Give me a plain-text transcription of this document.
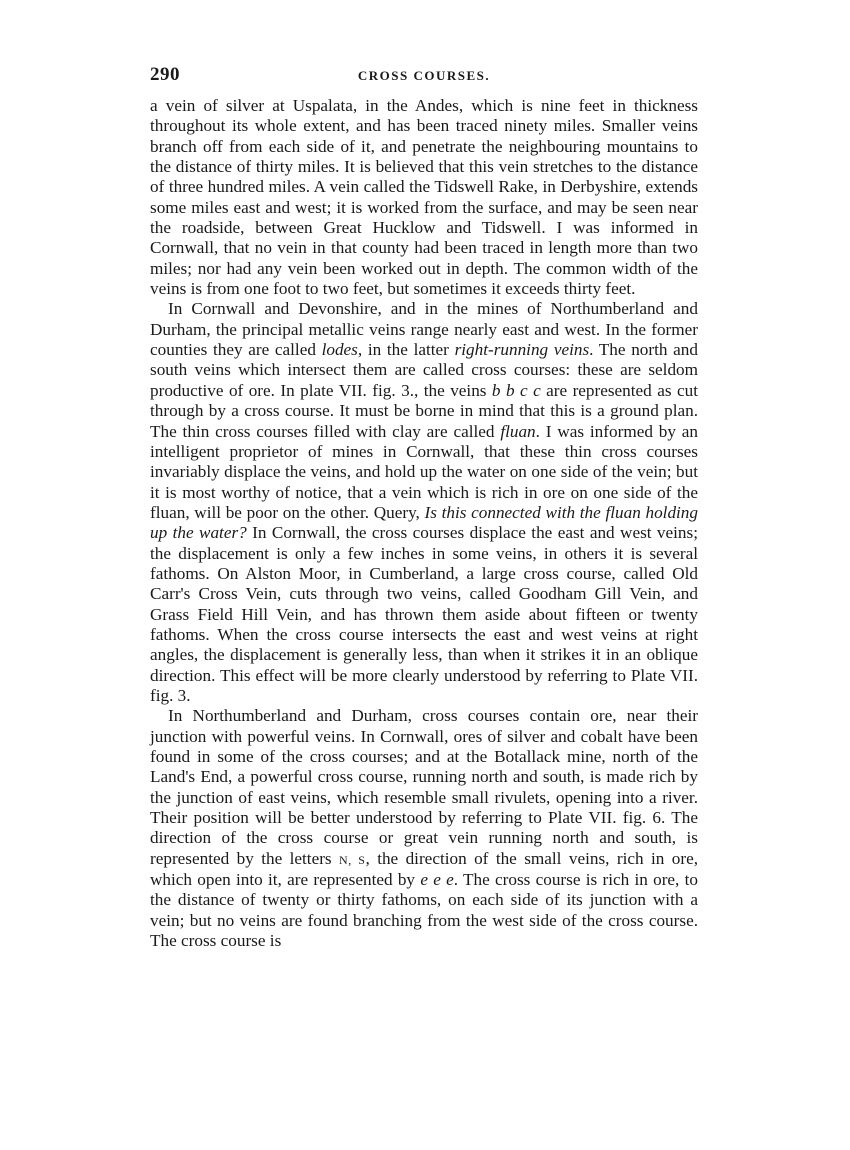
290	CROSS COURSES.

a vein of silver at Uspalata, in the Andes, which is nine feet in thickness throughout its whole extent, and has been traced ninety miles. Smaller veins branch off from each side of it, and penetrate the neighbouring mountains to the distance of thirty miles. It is believed that this vein stretches to the distance of three hundred miles. A vein called the Tidswell Rake, in Derbyshire, extends some miles east and west; it is worked from the surface, and may be seen near the roadside, between Great Hucklow and Tidswell. I was informed in Cornwall, that no vein in that county had been traced in length more than two miles; nor had any vein been worked out in depth. The common width of the veins is from one foot to two feet, but sometimes it exceeds thirty feet.

In Cornwall and Devonshire, and in the mines of Northumberland and Durham, the principal metallic veins range nearly east and west. In the former counties they are called lodes, in the latter right-running veins. The north and south veins which intersect them are called cross courses: these are seldom productive of ore. In plate VII. fig. 3., the veins b b c c are represented as cut through by a cross course. It must be borne in mind that this is a ground plan. The thin cross courses filled with clay are called fluan. I was informed by an intelligent proprietor of mines in Cornwall, that these thin cross courses invariably displace the veins, and hold up the water on one side of the vein; but it is most worthy of notice, that a vein which is rich in ore on one side of the fluan, will be poor on the other. Query, Is this connected with the fluan holding up the water? In Cornwall, the cross courses displace the east and west veins; the displacement is only a few inches in some veins, in others it is several fathoms. On Alston Moor, in Cumberland, a large cross course, called Old Carr's Cross Vein, cuts through two veins, called Goodham Gill Vein, and Grass Field Hill Vein, and has thrown them aside about fifteen or twenty fathoms. When the cross course intersects the east and west veins at right angles, the displacement is generally less, than when it strikes it in an oblique direction. This effect will be more clearly understood by referring to Plate VII. fig. 3.

In Northumberland and Durham, cross courses contain ore, near their junction with powerful veins. In Cornwall, ores of silver and cobalt have been found in some of the cross courses; and at the Botallack mine, north of the Land's End, a powerful cross course, running north and south, is made rich by the junction of east veins, which resemble small rivulets, opening into a river. Their position will be better understood by referring to Plate VII. fig. 6. The direction of the cross course or great vein running north and south, is represented by the letters N, S, the direction of the small veins, rich in ore, which open into it, are represented by e e e. The cross course is rich in ore, to the distance of twenty or thirty fathoms, on each side of its junction with a vein; but no veins are found branching from the west side of the cross course. The cross course is
